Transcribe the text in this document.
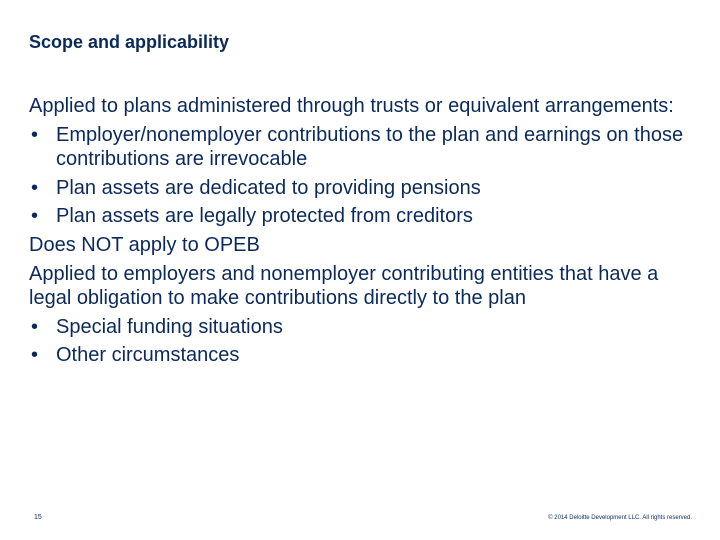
Scope and applicability

Applied to plans administered through trusts or equivalent arrangements:

• Employer/nonemployer contributions to the plan and earnings on those contributions are irrevocable
• Plan assets are dedicated to providing pensions
• Plan assets are legally protected from creditors

Does NOT apply to OPEB

Applied to employers and nonemployer contributing entities that have a legal obligation to make contributions directly to the plan

• Special funding situations
• Other circumstances
15	© 2014 Deloitte Development LLC. All rights reserved.
